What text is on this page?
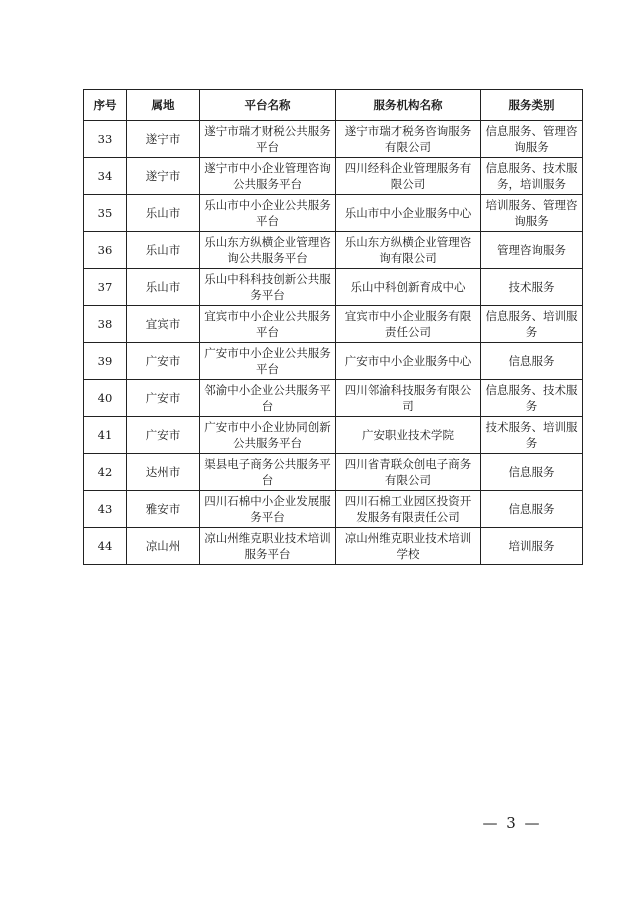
序号	属地	平台名称	服务机构名称	服务类别
33	遂宁市	遂宁市瑞才财税公共服务平台	遂宁市瑞才税务咨询服务有限公司	信息服务、管理咨询服务
34	遂宁市	遂宁市中小企业管理咨询公共服务平台	四川经科企业管理服务有限公司	信息服务、技术服务，培训服务
35	乐山市	乐山市中小企业公共服务平台	乐山市中小企业服务中心	培训服务、管理咨询服务
36	乐山市	乐山东方纵横企业管理咨询公共服务平台	乐山东方纵横企业管理咨询有限公司	管理咨询服务
37	乐山市	乐山中科科技创新公共服务平台	乐山中科创新育成中心	技术服务
38	宜宾市	宜宾市中小企业公共服务平台	宜宾市中小企业服务有限责任公司	信息服务、培训服务
39	广安市	广安市中小企业公共服务平台	广安市中小企业服务中心	信息服务
40	广安市	邻渝中小企业公共服务平台	四川邻渝科技服务有限公司	信息服务、技术服务
41	广安市	广安市中小企业协同创新公共服务平台	广安职业技术学院	技术服务、培训服务
42	达州市	渠县电子商务公共服务平台	四川省青联众创电子商务有限公司	信息服务
43	雅安市	四川石棉中小企业发展服务平台	四川石棉工业园区投资开发服务有限责任公司	信息服务
44	凉山州	凉山州维克职业技术培训服务平台	凉山州维克职业技术培训学校	培训服务
— 3 —
